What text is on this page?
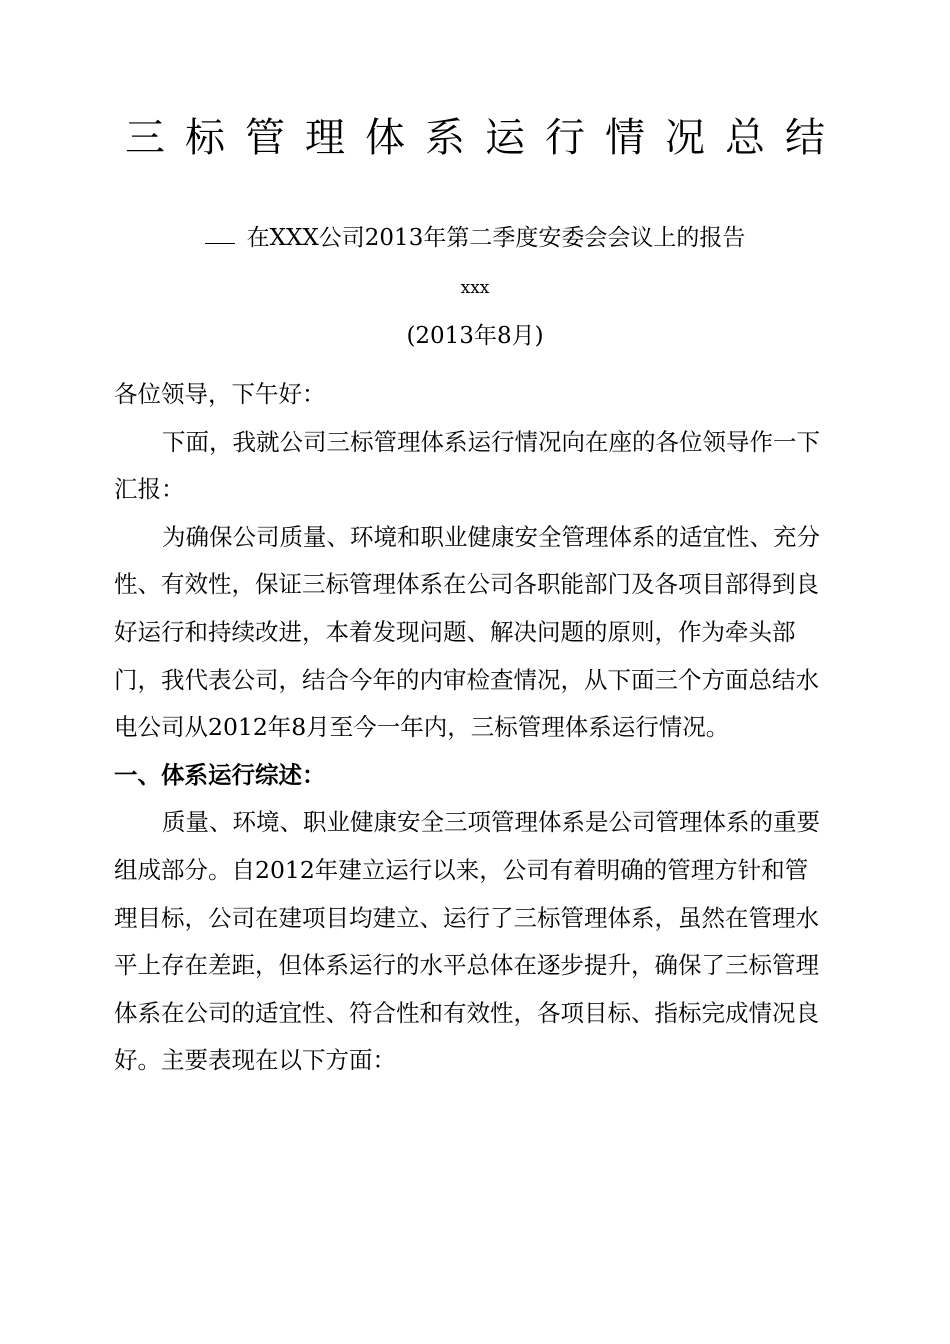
三标管理体系运行情况总结
在XXX公司2013年第二季度安委会会议上的报告
xxx
(2013年8月)

各位领导，下午好：

下面，我就公司三标管理体系运行情况向在座的各位领导作一下汇报：

为确保公司质量、环境和职业健康安全管理体系的适宜性、充分性、有效性，保证三标管理体系在公司各职能部门及各项目部得到良好运行和持续改进，本着发现问题、解决问题的原则，作为牵头部门，我代表公司，结合今年的内审检查情况，从下面三个方面总结水电公司从2012年8月至今一年内，三标管理体系运行情况。

一、体系运行综述：

质量、环境、职业健康安全三项管理体系是公司管理体系的重要组成部分。自2012年建立运行以来，公司有着明确的管理方针和管理目标，公司在建项目均建立、运行了三标管理体系，虽然在管理水平上存在差距，但体系运行的水平总体在逐步提升，确保了三标管理体系在公司的适宜性、符合性和有效性，各项目标、指标完成情况良好。主要表现在以下方面：
